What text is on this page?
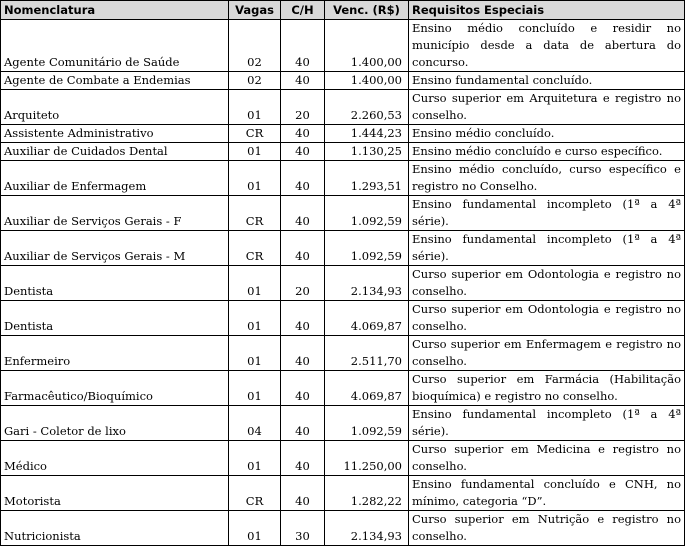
Nomenclatura	Vagas	C/H	Venc. (R$)	Requisitos Especiais
Agente Comunitário de Saúde	02	40	1.400,00	Ensino médio concluído e residir no município desde a data de abertura do concurso.
Agente de Combate a Endemias	02	40	1.400,00	Ensino fundamental concluído.
Arquiteto	01	20	2.260,53	Curso superior em Arquitetura e registro no conselho.
Assistente Administrativo	CR	40	1.444,23	Ensino médio concluído.
Auxiliar de Cuidados Dental	01	40	1.130,25	Ensino médio concluído e curso específico.
Auxiliar de Enfermagem	01	40	1.293,51	Ensino médio concluído, curso específico e registro no Conselho.
Auxiliar de Serviços Gerais - F	CR	40	1.092,59	Ensino fundamental incompleto (1ª a 4ª série).
Auxiliar de Serviços Gerais - M	CR	40	1.092,59	Ensino fundamental incompleto (1ª a 4ª série).
Dentista	01	20	2.134,93	Curso superior em Odontologia e registro no conselho.
Dentista	01	40	4.069,87	Curso superior em Odontologia e registro no conselho.
Enfermeiro	01	40	2.511,70	Curso superior em Enfermagem e registro no conselho.
Farmacêutico/Bioquímico	01	40	4.069,87	Curso superior em Farmácia (Habilitação bioquímica) e registro no conselho.
Gari - Coletor de lixo	04	40	1.092,59	Ensino fundamental incompleto (1ª a 4ª série).
Médico	01	40	11.250,00	Curso superior em Medicina e registro no conselho.
Motorista	CR	40	1.282,22	Ensino fundamental concluído e CNH, no mínimo, categoria “D”.
Nutricionista	01	30	2.134,93	Curso superior em Nutrição e registro no conselho.
